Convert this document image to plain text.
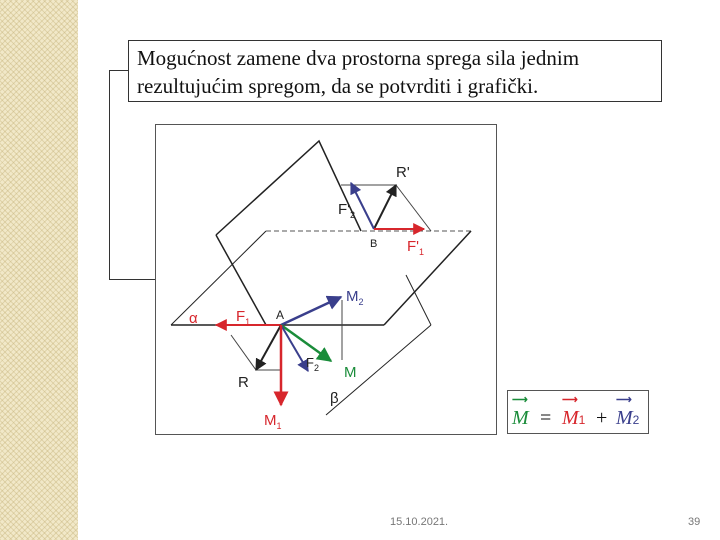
Mogućnost zamene dva prostorna sprega sila jednim
rezultujućim spregom, da se potvrditi i grafički.
R'
$F'_2$
B $F'_1$
$M_2$
α	$F_1$ A
$F_2$ M
β
R
$M_1$
⟶	⟶	⟶
M = M1 + M2
15.10.2021.	39
